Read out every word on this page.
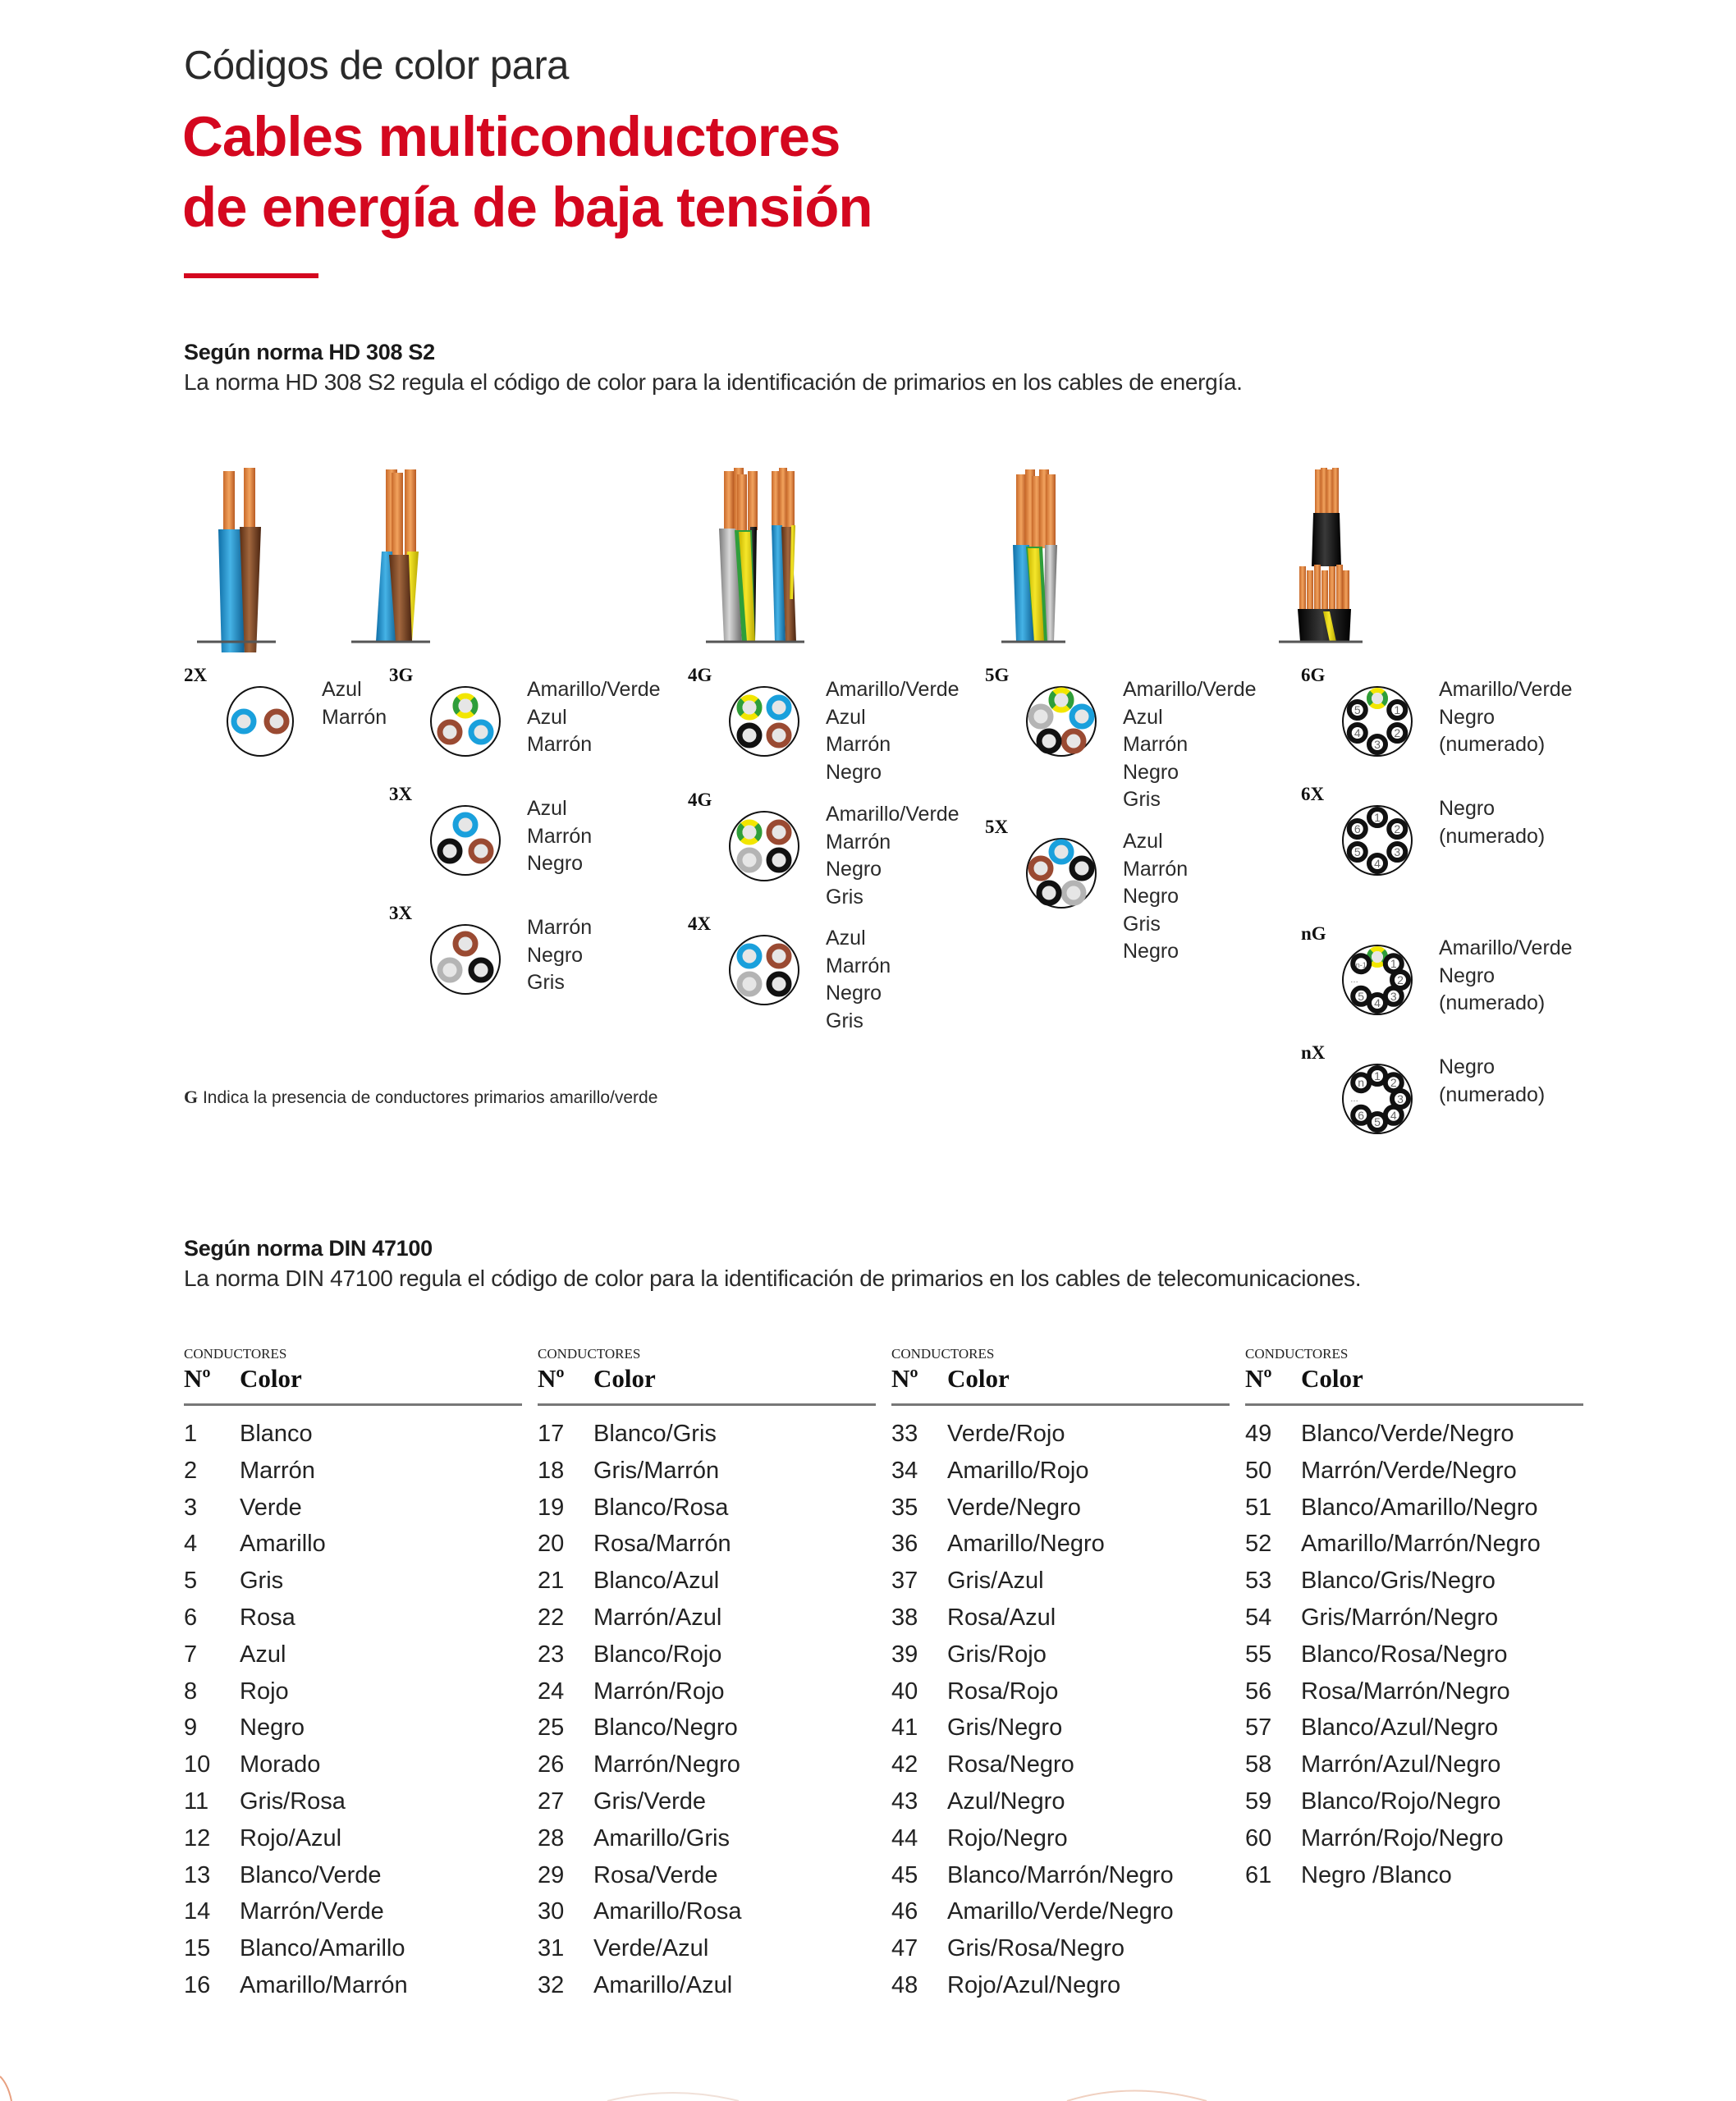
Códigos de color para
Cables multiconductores
de energía de baja tensión
Según norma HD 308 S2
La norma HD 308 S2 regula el código de color para la identificación de primarios en los cables de energía.
2X
Azul
Marrón
3G
Amarillo/Verde
Azul
Marrón
3X
Azul
Marrón
Negro
3X
Marrón
Negro
Gris
4G
Amarillo/Verde
Azul
Marrón
Negro
4G
Amarillo/Verde
Marrón
Negro
Gris
4X
Azul
Marrón
Negro
Gris
5G
Amarillo/Verde
Azul
Marrón
Negro
Gris
5X
Azul
Marrón
Negro
Gris
Negro
6G
1
2
3
4
5
Amarillo/Verde
Negro
(numerado)
6X
1
2
3
4
5
6
Negro
(numerado)
nG
1
2
3
4
5
…
n-1
Amarillo/Verde
Negro
(numerado)
nX
1
2
3
4
5
6
…
n
Negro
(numerado)
G Indica la presencia de conductores primarios amarillo/verde
Según norma DIN 47100
La norma DIN 47100 regula el código de color para la identificación de primarios en los cables de telecomunicaciones.
CONDUCTORES
Nº	Color
1	Blanco
2	Marrón
3	Verde
4	Amarillo
5	Gris
6	Rosa
7	Azul
8	Rojo
9	Negro
10	Morado
11	Gris/Rosa
12	Rojo/Azul
13	Blanco/Verde
14	Marrón/Verde
15	Blanco/Amarillo
16	Amarillo/Marrón
CONDUCTORES
Nº	Color
17	Blanco/Gris
18	Gris/Marrón
19	Blanco/Rosa
20	Rosa/Marrón
21	Blanco/Azul
22	Marrón/Azul
23	Blanco/Rojo
24	Marrón/Rojo
25	Blanco/Negro
26	Marrón/Negro
27	Gris/Verde
28	Amarillo/Gris
29	Rosa/Verde
30	Amarillo/Rosa
31	Verde/Azul
32	Amarillo/Azul
CONDUCTORES
Nº	Color
33	Verde/Rojo
34	Amarillo/Rojo
35	Verde/Negro
36	Amarillo/Negro
37	Gris/Azul
38	Rosa/Azul
39	Gris/Rojo
40	Rosa/Rojo
41	Gris/Negro
42	Rosa/Negro
43	Azul/Negro
44	Rojo/Negro
45	Blanco/Marrón/Negro
46	Amarillo/Verde/Negro
47	Gris/Rosa/Negro
48	Rojo/Azul/Negro
CONDUCTORES
Nº	Color
49	Blanco/Verde/Negro
50	Marrón/Verde/Negro
51	Blanco/Amarillo/Negro
52	Amarillo/Marrón/Negro
53	Blanco/Gris/Negro
54	Gris/Marrón/Negro
55	Blanco/Rosa/Negro
56	Rosa/Marrón/Negro
57	Blanco/Azul/Negro
58	Marrón/Azul/Negro
59	Blanco/Rojo/Negro
60	Marrón/Rojo/Negro
61	Negro /Blanco
